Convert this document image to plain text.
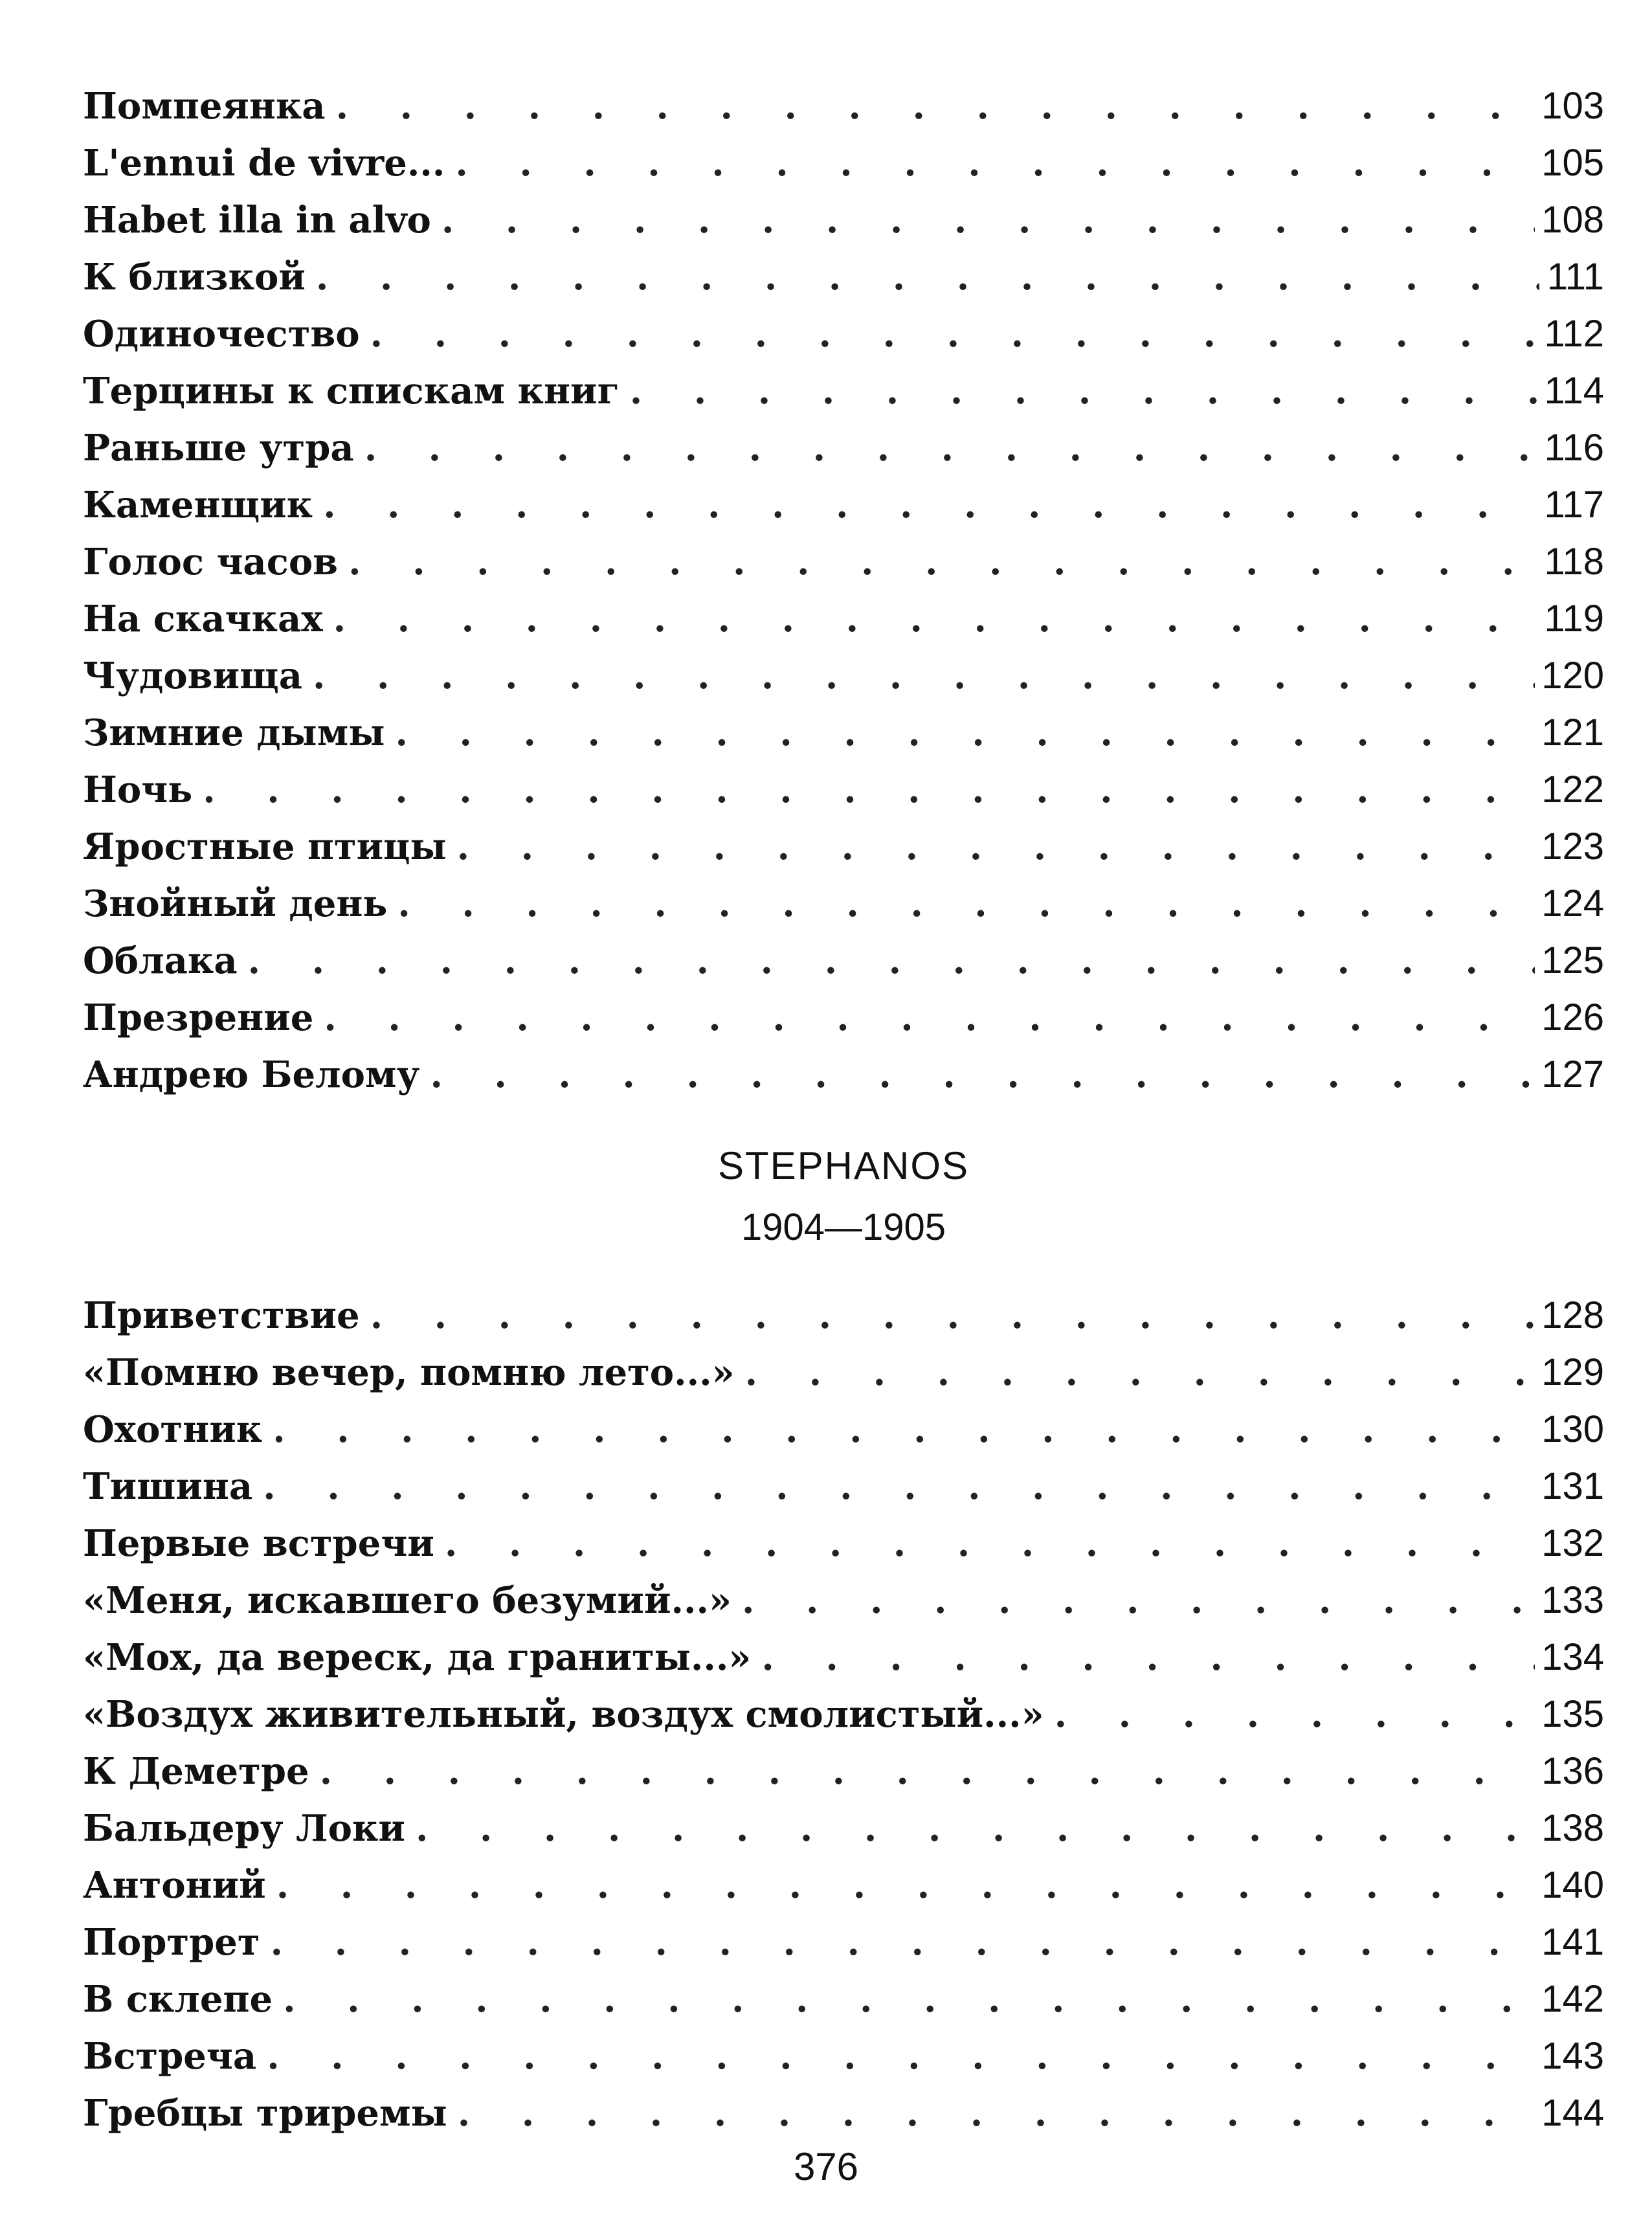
Помпеянка . . .	103
L'ennui de vivre... . . .	105
Habet illa in alvo . . .	108
К близкой . . .	111
Одиночество . . .	112
Терцины к спискам книг . . .	114
Раньше утра . . .	116
Каменщик . . .	117
Голос часов . . .	118
На скачках . . .	119
Чудовища . . .	120
Зимние дымы . . .	121
Ночь . . .	122
Яростные птицы . . .	123
Знойный день . . .	124
Облака . . .	125
Презрение . . .	126
Андрею Белому . . .	127
STEPHANOS
1904—1905
Приветствие . . .	128
«Помню вечер, помню лето...» . . .	129
Охотник . . .	130
Тишина . . .	131
Первые встречи . . .	132
«Меня, искавшего безумий...» . . .	133
«Мох, да вереск, да граниты...» . . .	134
«Воздух живительный, воздух смолистый...» . . .	135
К Деметре . . .	136
Бальдеру Локи . . .	138
Антоний . . .	140
Портрет . . .	141
В склепе . . .	142
Встреча . . .	143
Гребцы триремы . . .	144
376
